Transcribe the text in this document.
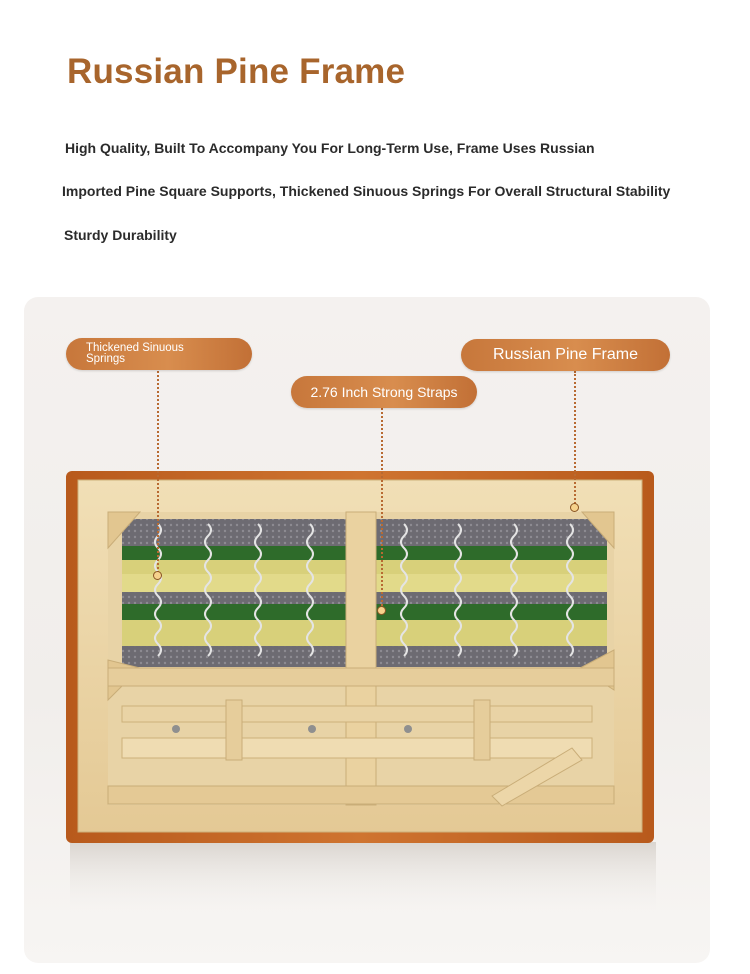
Russian Pine Frame
High Quality, Built To Accompany You For Long-Term Use, Frame Uses Russian
Imported Pine Square Supports, Thickened Sinuous Springs For Overall Structural Stability
Sturdy Durability
Thickened Sinuous Springs
2.76 Inch Strong Straps
Russian Pine Frame
